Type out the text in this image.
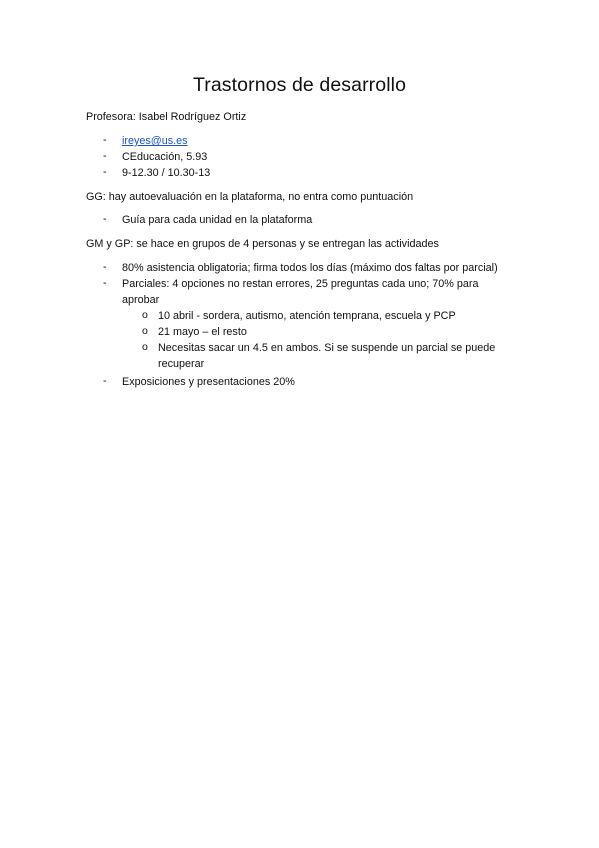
Trastornos de desarrollo
Profesora: Isabel Rodríguez Ortiz
- ireyes@us.es
- CEducación, 5.93
- 9-12.30 / 10.30-13
GG: hay autoevaluación en la plataforma, no entra como puntuación
- Guía para cada unidad en la plataforma
GM y GP: se hace en grupos de 4 personas y se entregan las actividades
- 80% asistencia obligatoria; firma todos los días (máximo dos faltas por parcial)
- Parciales: 4 opciones no restan errores, 25 preguntas cada uno; 70% para
aprobar
o 10 abril - sordera, autismo, atención temprana, escuela y PCP
o 21 mayo – el resto
o Necesitas sacar un 4.5 en ambos. Si se suspende un parcial se puede
recuperar
- Exposiciones y presentaciones 20%
